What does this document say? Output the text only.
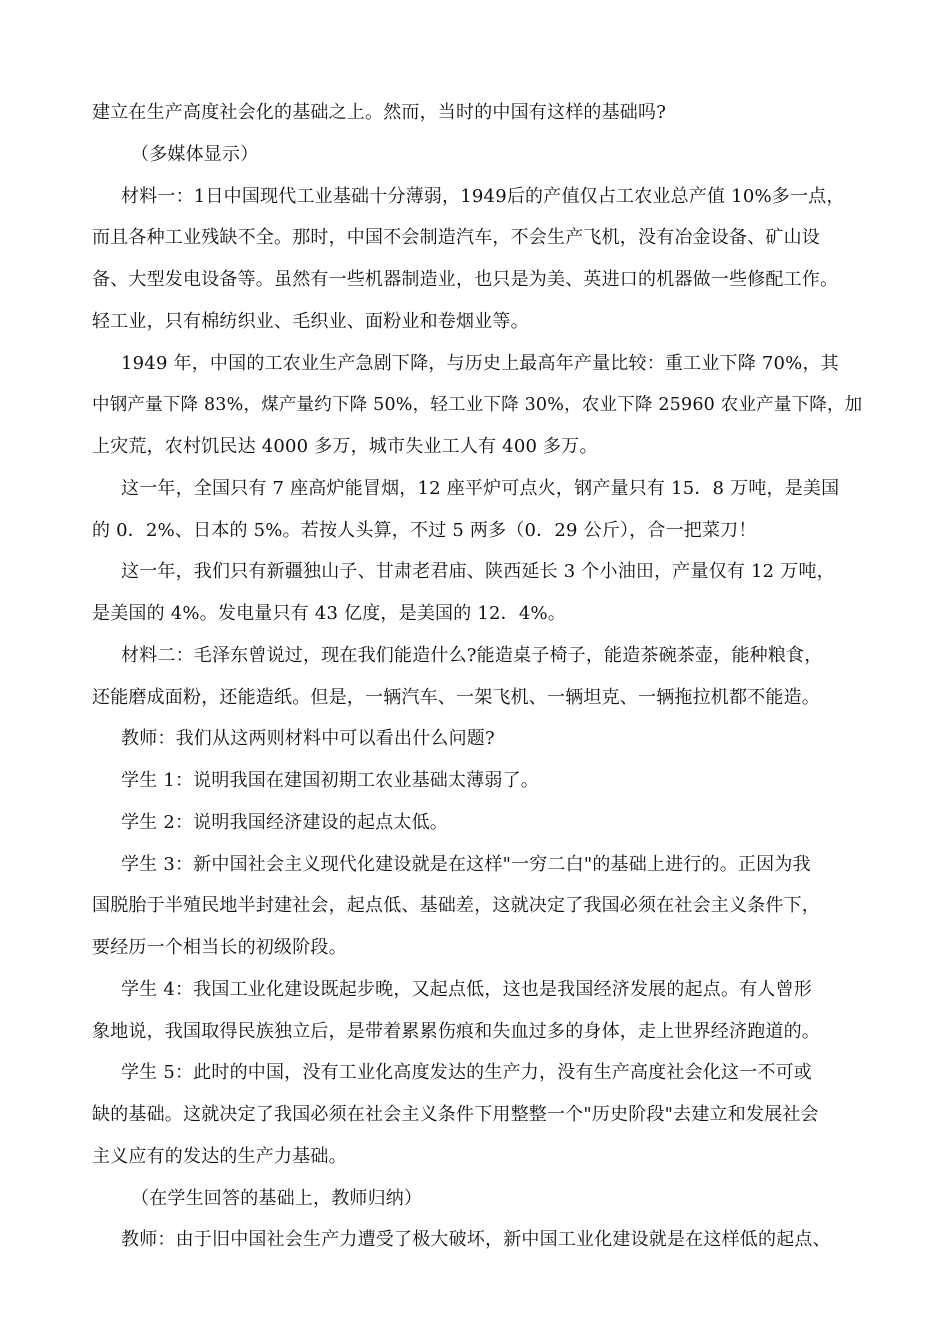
建立在生产高度社会化的基础之上。然而，当时的中国有这样的基础吗?
（多媒体显示）
材料一：1日中国现代工业基础十分薄弱，1949后的产值仅占工农业总产值 10%多一点，
而且各种工业残缺不全。那时，中国不会制造汽车，不会生产飞机，没有冶金设备、矿山设
备、大型发电设备等。虽然有一些机器制造业，也只是为美、英进口的机器做一些修配工作。
轻工业，只有棉纺织业、毛织业、面粉业和卷烟业等。
1949 年，中国的工农业生产急剧下降，与历史上最高年产量比较：重工业下降 70%，其
中钢产量下降 83%，煤产量约下降 50%，轻工业下降 30%，农业下降 25960 农业产量下降，加
上灾荒，农村饥民达 4000 多万，城市失业工人有 400 多万。
这一年，全国只有 7 座高炉能冒烟，12 座平炉可点火，钢产量只有 15．8 万吨，是美国
的 0．2%、日本的 5%。若按人头算，不过 5 两多（0．29 公斤），合一把菜刀！
这一年，我们只有新疆独山子、甘肃老君庙、陕西延长 3 个小油田，产量仅有 12 万吨，
是美国的 4%。发电量只有 43 亿度，是美国的 12．4%。
材料二：毛泽东曾说过，现在我们能造什么?能造桌子椅子，能造茶碗茶壶，能种粮食，
还能磨成面粉，还能造纸。但是，一辆汽车、一架飞机、一辆坦克、一辆拖拉机都不能造。
教师：我们从这两则材料中可以看出什么问题?
学生 1：说明我国在建国初期工农业基础太薄弱了。
学生 2：说明我国经济建设的起点太低。
学生 3：新中国社会主义现代化建设就是在这样"一穷二白"的基础上进行的。正因为我
国脱胎于半殖民地半封建社会，起点低、基础差，这就决定了我国必须在社会主义条件下，
要经历一个相当长的初级阶段。
学生 4：我国工业化建设既起步晚，又起点低，这也是我国经济发展的起点。有人曾形
象地说，我国取得民族独立后，是带着累累伤痕和失血过多的身体，走上世界经济跑道的。
学生 5：此时的中国，没有工业化高度发达的生产力，没有生产高度社会化这一不可或
缺的基础。这就决定了我国必须在社会主义条件下用整整一个"历史阶段"去建立和发展社会
主义应有的发达的生产力基础。
（在学生回答的基础上，教师归纳）
教师：由于旧中国社会生产力遭受了极大破坏，新中国工业化建设就是在这样低的起点、
